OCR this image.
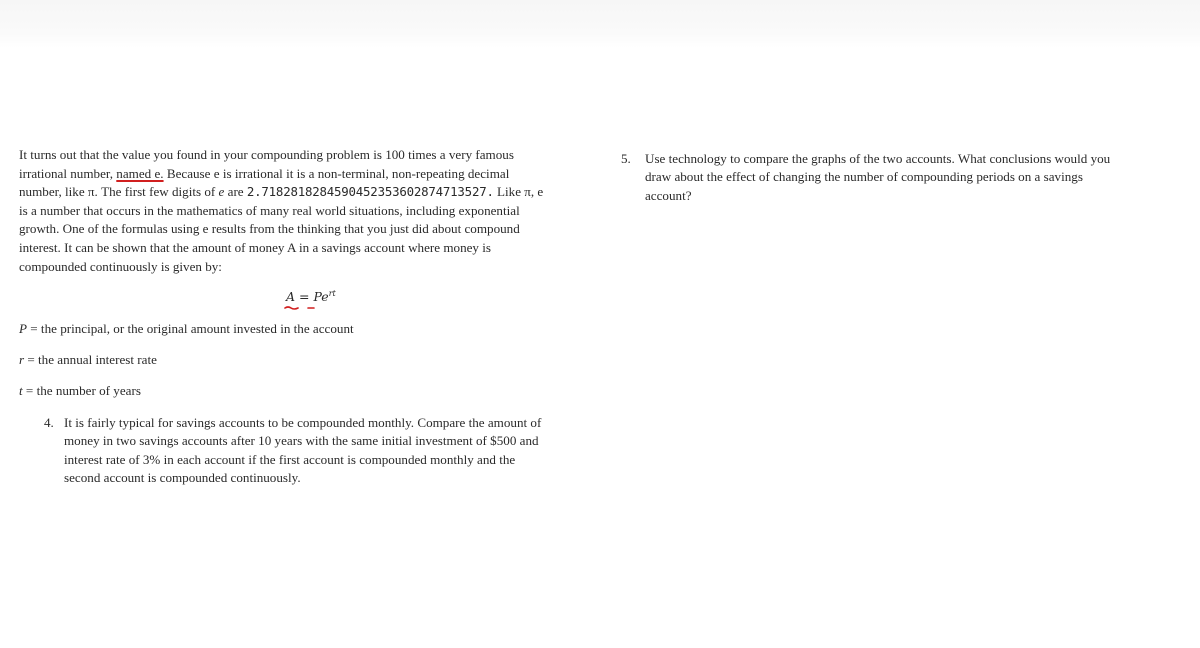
It turns out that the value you found in your compounding problem is 100 times a very famous
irrational number, named e. Because e is irrational it is a non-terminal, non-repeating decimal
number, like π. The first few digits of e are 2.7182818284590452353602874713527. Like π, e
is a number that occurs in the mathematics of many real world situations, including exponential
growth. One of the formulas using e results from the thinking that you just did about compound
interest. It can be shown that the amount of money A in a savings account where money is
compounded continuously is given by:

$A = Pe^{rt}$
P = the principal, or the original amount invested in the account
r = the annual interest rate
t = the number of years
4. It is fairly typical for savings accounts to be compounded monthly. Compare the amount of
money in two savings accounts after 10 years with the same initial investment of $500 and
interest rate of 3% in each account if the first account is compounded monthly and the
second account is compounded continuously.
5. Use technology to compare the graphs of the two accounts. What conclusions would you
draw about the effect of changing the number of compounding periods on a savings
account?
